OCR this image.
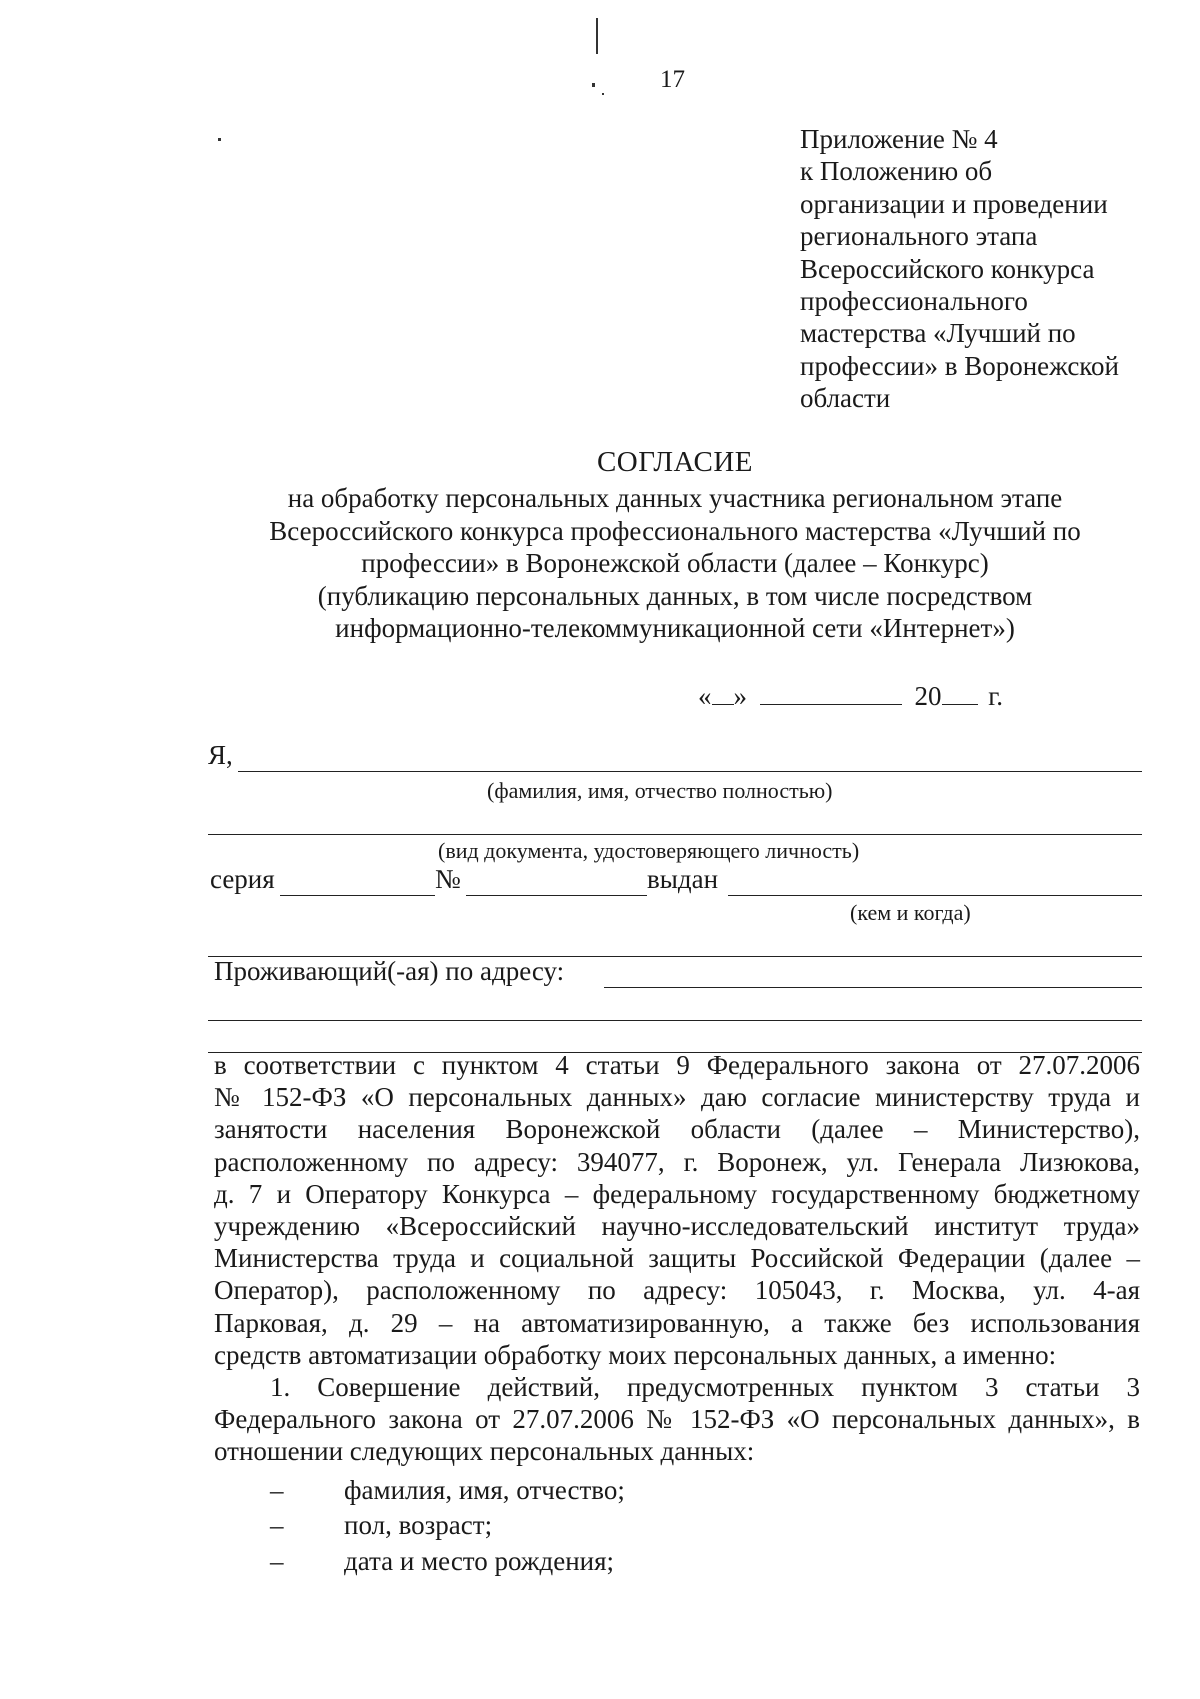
17
Приложение № 4
к Положению об
организации и проведении
регионального этапа
Всероссийского конкурса
профессионального
мастерства «Лучший по
профессии» в Воронежской
области
СОГЛАСИЕ
на обработку персональных данных участника региональном этапе
Всероссийского конкурса профессионального мастерства «Лучший по
профессии» в Воронежской области (далее – Конкурс)
(публикацию персональных данных, в том числе посредством
информационно-телекоммуникационной сети «Интернет»)
« »	20 г.
Я,
(фамилия, имя, отчество полностью)
(вид документа, удостоверяющего личность)
серия	№	выдан
(кем и когда)
Проживающий(-ая) по адресу:
в соответствии с пунктом 4 статьи 9 Федерального закона от 27.07.2006
№ 152-ФЗ «О персональных данных» даю согласие министерству труда и
занятости населения Воронежской области (далее – Министерство),
расположенному по адресу: 394077, г. Воронеж, ул. Генерала Лизюкова,
д. 7 и Оператору Конкурса – федеральному государственному бюджетному
учреждению «Всероссийский научно-исследовательский институт труда»
Министерства труда и социальной защиты Российской Федерации (далее –
Оператор), расположенному по адресу: 105043, г. Москва, ул. 4-ая
Парковая, д. 29 – на автоматизированную, а также без использования
средств автоматизации обработку моих персональных данных, а именно:
1. Совершение действий, предусмотренных пунктом 3 статьи 3
Федерального закона от 27.07.2006 № 152-ФЗ «О персональных данных», в
отношении следующих персональных данных:
– фамилия, имя, отчество;
– пол, возраст;
– дата и место рождения;
